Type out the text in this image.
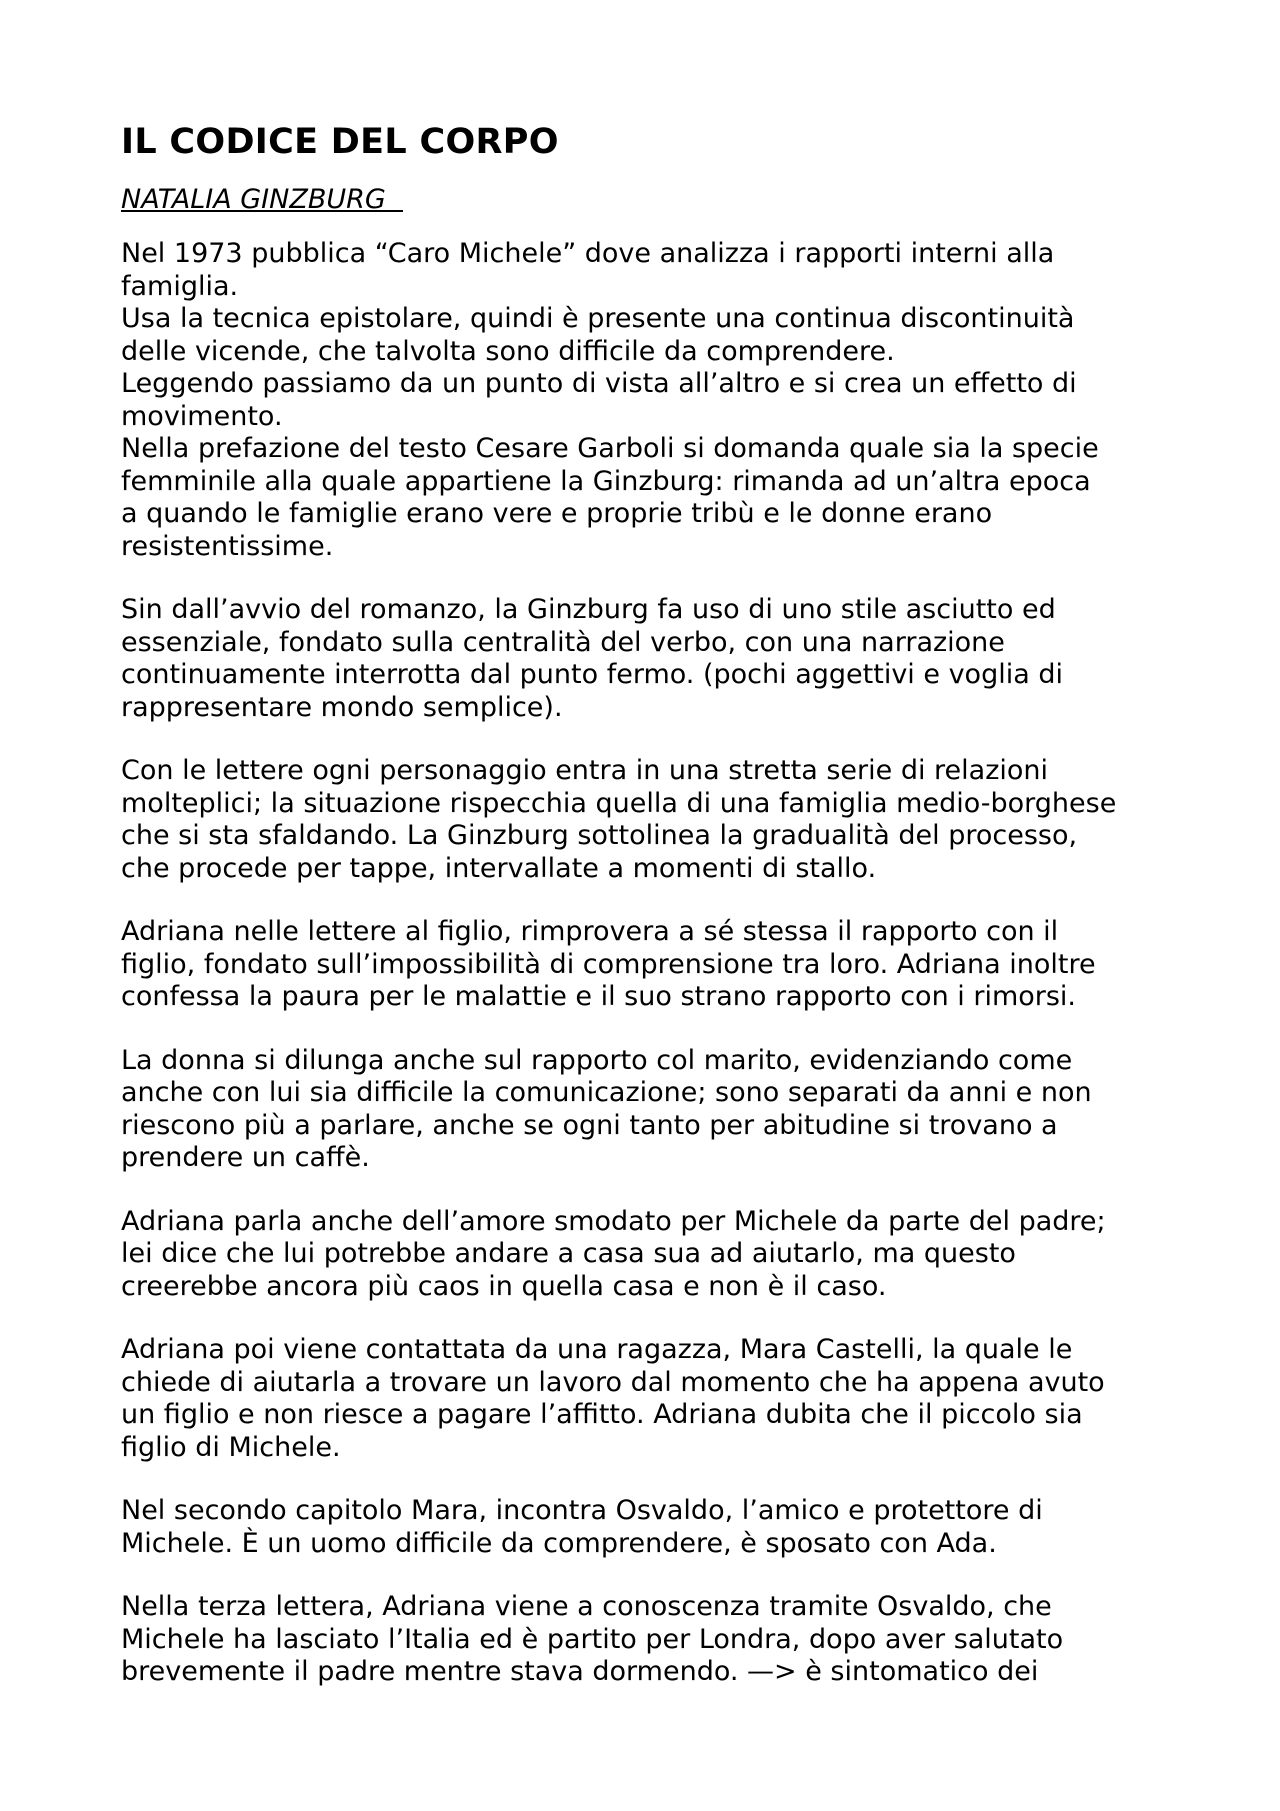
IL CODICE DEL CORPO
NATALIA GINZBURG

Nel 1973 pubblica “Caro Michele” dove analizza i rapporti interni alla
famiglia.
Usa la tecnica epistolare, quindi è presente una continua discontinuità
delle vicende, che talvolta sono difficile da comprendere.
Leggendo passiamo da un punto di vista all’altro e si crea un effetto di
movimento.
Nella prefazione del testo Cesare Garboli si domanda quale sia la specie
femminile alla quale appartiene la Ginzburg: rimanda ad un’altra epoca
a quando le famiglie erano vere e proprie tribù e le donne erano
resistentissime.

Sin dall’avvio del romanzo, la Ginzburg fa uso di uno stile asciutto ed
essenziale, fondato sulla centralità del verbo, con una narrazione
continuamente interrotta dal punto fermo. (pochi aggettivi e voglia di
rappresentare mondo semplice).

Con le lettere ogni personaggio entra in una stretta serie di relazioni
molteplici; la situazione rispecchia quella di una famiglia medio-borghese
che si sta sfaldando. La Ginzburg sottolinea la gradualità del processo,
che procede per tappe, intervallate a momenti di stallo.

Adriana nelle lettere al figlio, rimprovera a sé stessa il rapporto con il
figlio, fondato sull’impossibilità di comprensione tra loro. Adriana inoltre
confessa la paura per le malattie e il suo strano rapporto con i rimorsi.

La donna si dilunga anche sul rapporto col marito, evidenziando come
anche con lui sia difficile la comunicazione; sono separati da anni e non
riescono più a parlare, anche se ogni tanto per abitudine si trovano a
prendere un caffè.

Adriana parla anche dell’amore smodato per Michele da parte del padre;
lei dice che lui potrebbe andare a casa sua ad aiutarlo, ma questo
creerebbe ancora più caos in quella casa e non è il caso.

Adriana poi viene contattata da una ragazza, Mara Castelli, la quale le
chiede di aiutarla a trovare un lavoro dal momento che ha appena avuto
un figlio e non riesce a pagare l’affitto. Adriana dubita che il piccolo sia
figlio di Michele.

Nel secondo capitolo Mara, incontra Osvaldo, l’amico e protettore di
Michele. È un uomo difficile da comprendere, è sposato con Ada.

Nella terza lettera, Adriana viene a conoscenza tramite Osvaldo, che
Michele ha lasciato l’Italia ed è partito per Londra, dopo aver salutato
brevemente il padre mentre stava dormendo. —> è sintomatico dei
